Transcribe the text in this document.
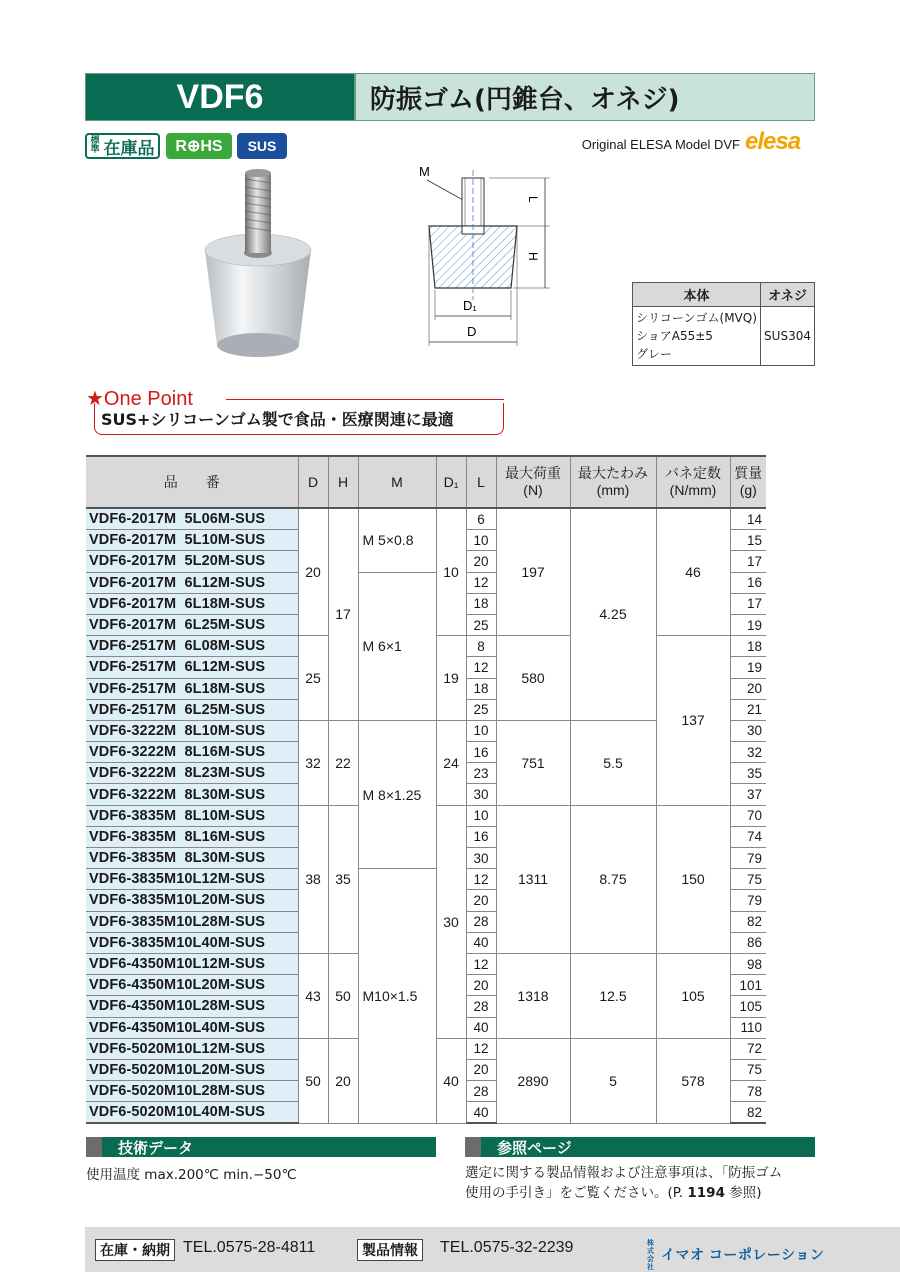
VDF6	防振ゴム(円錐台、オネジ)
標準 在庫品	R⊕HS	SUS	Original ELESA Model DVF elesa
M
L
H
D₁
D
本体	オネジ

シリコーンゴム(MVQ)
ショアA55±5
グレー	SUS304
★One Point
SUS+シリコーンゴム製で食品・医療関連に最適
品　　番	D	H	M	D₁	L	最大荷重
(N)	最大たわみ
(mm)	バネ定数
(N/mm)	質量
(g)
VDF6-2017M  5L06M-SUS	20	17	M 5×0.8	10	6	197	4.25	46	14
VDF6-2017M  5L10M-SUS					10				15
VDF6-2017M  5L20M-SUS					20				17
VDF6-2017M  6L12M-SUS			M 6×1		12				16
VDF6-2017M  6L18M-SUS					18				17
VDF6-2017M  6L25M-SUS					25				19
VDF6-2517M  6L08M-SUS	25			19	8	580		137	18
VDF6-2517M  6L12M-SUS					12				19
VDF6-2517M  6L18M-SUS					18				20
VDF6-2517M  6L25M-SUS					25				21
VDF6-3222M  8L10M-SUS	32	22	M 8×1.25	24	10	751	5.5		30
VDF6-3222M  8L16M-SUS					16				32
VDF6-3222M  8L23M-SUS					23				35
VDF6-3222M  8L30M-SUS					30				37
VDF6-3835M  8L10M-SUS	38	35		30	10	1311	8.75	150	70
VDF6-3835M  8L16M-SUS					16				74
VDF6-3835M  8L30M-SUS					30				79
VDF6-3835M10L12M-SUS			M10×1.5		12				75
VDF6-3835M10L20M-SUS					20				79
VDF6-3835M10L28M-SUS					28				82
VDF6-3835M10L40M-SUS					40				86
VDF6-4350M10L12M-SUS	43	50			12	1318	12.5	105	98
VDF6-4350M10L20M-SUS					20				101
VDF6-4350M10L28M-SUS					28				105
VDF6-4350M10L40M-SUS					40				110
VDF6-5020M10L12M-SUS	50	20		40	12	2890	5	578	72
VDF6-5020M10L20M-SUS					20				75
VDF6-5020M10L28M-SUS					28				78
VDF6-5020M10L40M-SUS					40				82
技術データ
使用温度 max.200℃ min.−50℃
参照ページ
選定に関する製品情報および注意事項は、「防振ゴム
使用の手引き」をご覧ください。(P. 1194 参照)
在庫・納期 TEL.0575-28-4811	製品情報	TEL.0575-32-2239	株式会社イマオ コーポレーション
